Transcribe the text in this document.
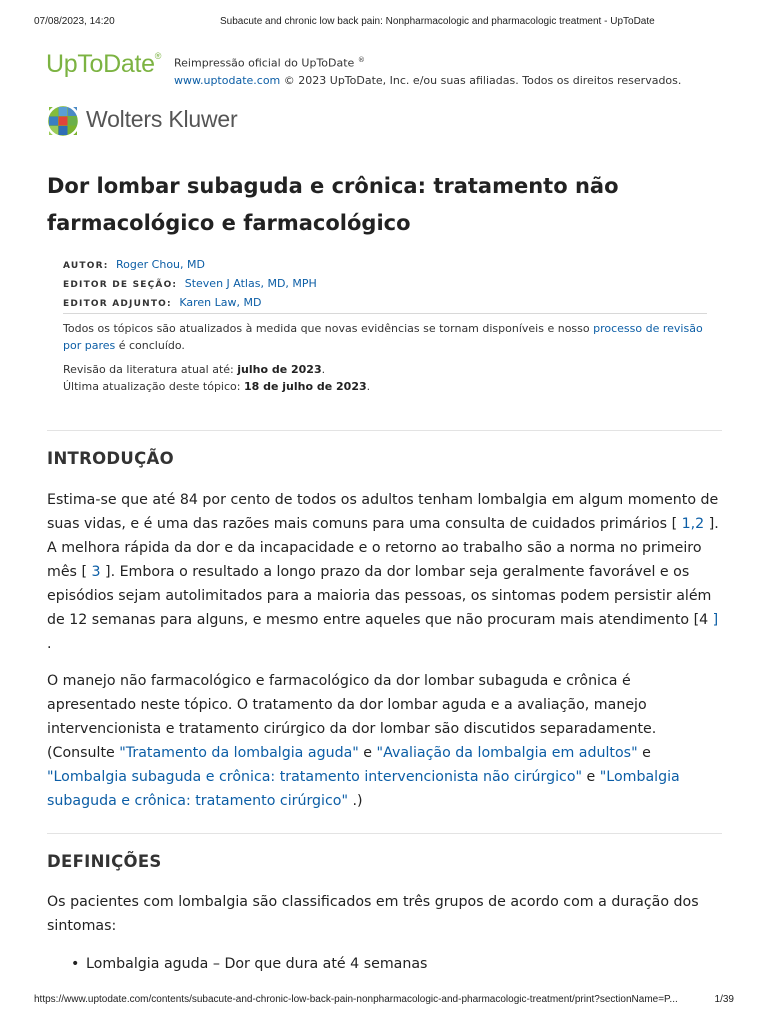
07/08/2023, 14:20	Subacute and chronic low back pain: Nonpharmacologic and pharmacologic treatment - UpToDate
UpToDate®
Reimpressão oficial do UpToDate ®
www.uptodate.com © 2023 UpToDate, Inc. e/ou suas afiliadas. Todos os direitos reservados.
Wolters Kluwer
Dor lombar subaguda e crônica: tratamento não farmacológico e farmacológico
AUTOR: Roger Chou, MD
EDITOR DE SEÇÃO: Steven J Atlas, MD, MPH
EDITOR ADJUNTO: Karen Law, MD

Todos os tópicos são atualizados à medida que novas evidências se tornam disponíveis e nosso processo de revisão por pares é concluído.

Revisão da literatura atual até: julho de 2023.

Última atualização deste tópico: 18 de julho de 2023.

INTRODUÇÃO

Estima-se que até 84 por cento de todos os adultos tenham lombalgia em algum momento de suas vidas, e é uma das razões mais comuns para uma consulta de cuidados primários [ 1,2 ]. A melhora rápida da dor e da incapacidade e o retorno ao trabalho são a norma no primeiro mês [ 3 ]. Embora o resultado a longo prazo da dor lombar seja geralmente favorável e os episódios sejam autolimitados para a maioria das pessoas, os sintomas podem persistir além de 12 semanas para alguns, e mesmo entre aqueles que não procuram mais atendimento [4 ] .

O manejo não farmacológico e farmacológico da dor lombar subaguda e crônica é apresentado neste tópico. O tratamento da dor lombar aguda e a avaliação, manejo intervencionista e tratamento cirúrgico da dor lombar são discutidos separadamente. (Consulte "Tratamento da lombalgia aguda" e "Avaliação da lombalgia em adultos" e "Lombalgia subaguda e crônica: tratamento intervencionista não cirúrgico" e "Lombalgia subaguda e crônica: tratamento cirúrgico" .)

DEFINIÇÕES

Os pacientes com lombalgia são classificados em três grupos de acordo com a duração dos sintomas:

• Lombalgia aguda – Dor que dura até 4 semanas
https://www.uptodate.com/contents/subacute-and-chronic-low-back-pain-nonpharmacologic-and-pharmacologic-treatment/print?sectionName=P...	1/39
